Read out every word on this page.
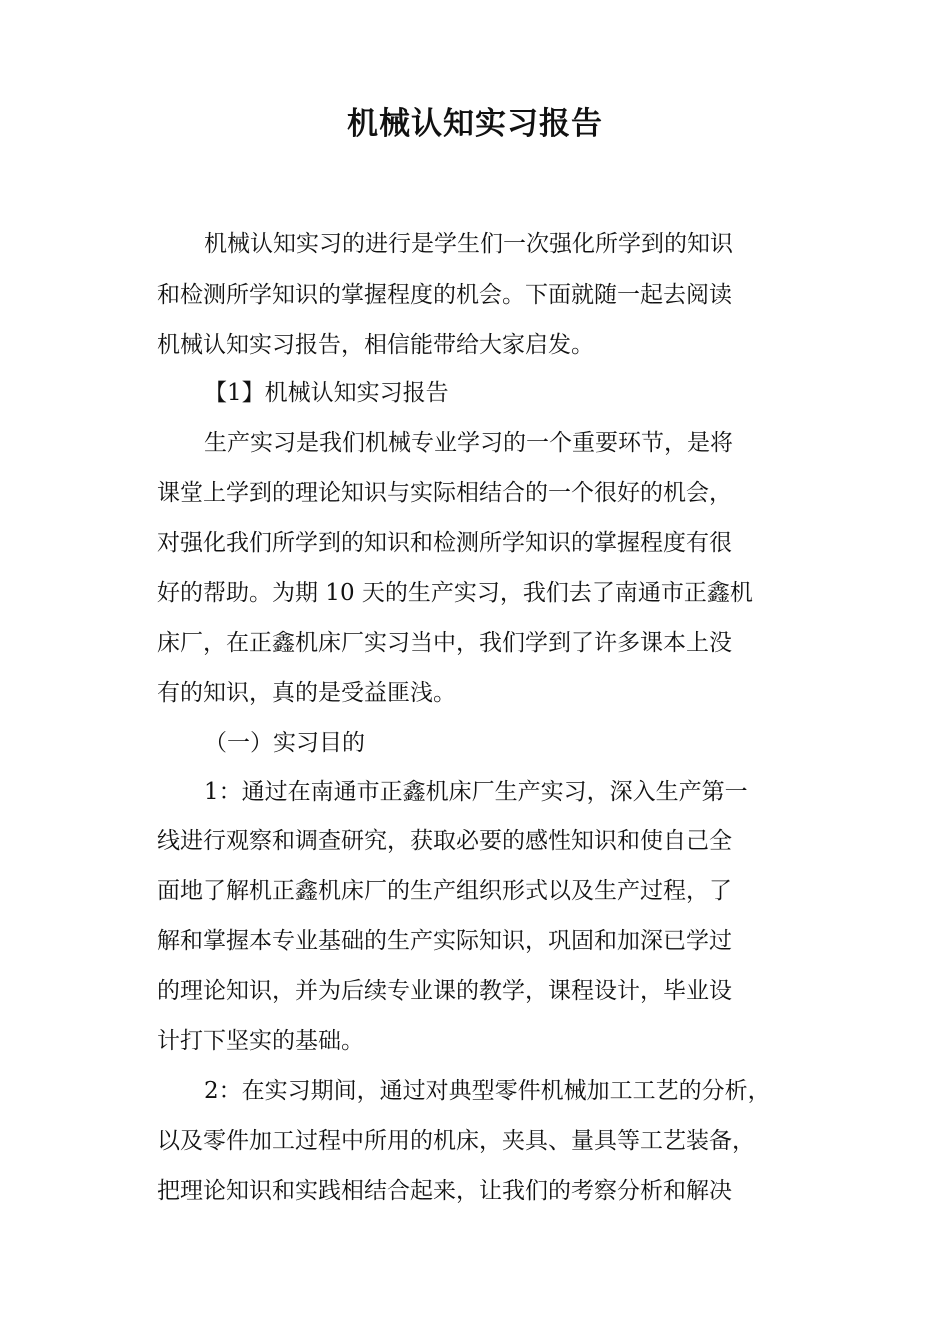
机械认知实习报告

机械认知实习的进行是学生们一次强化所学到的知识

和检测所学知识的掌握程度的机会。下面就随一起去阅读

机械认知实习报告，相信能带给大家启发。

【1】机械认知实习报告

生产实习是我们机械专业学习的一个重要环节，是将

课堂上学到的理论知识与实际相结合的一个很好的机会，

对强化我们所学到的知识和检测所学知识的掌握程度有很

好的帮助。为期 10 天的生产实习，我们去了南通市正鑫机

床厂，在正鑫机床厂实习当中，我们学到了许多课本上没

有的知识，真的是受益匪浅。

（一）实习目的

1：通过在南通市正鑫机床厂生产实习，深入生产第一

线进行观察和调查研究，获取必要的感性知识和使自己全

面地了解机正鑫机床厂的生产组织形式以及生产过程，了

解和掌握本专业基础的生产实际知识，巩固和加深已学过

的理论知识，并为后续专业课的教学，课程设计，毕业设

计打下坚实的基础。

2：在实习期间，通过对典型零件机械加工工艺的分析，

以及零件加工过程中所用的机床，夹具、量具等工艺装备，

把理论知识和实践相结合起来，让我们的考察分析和解决
